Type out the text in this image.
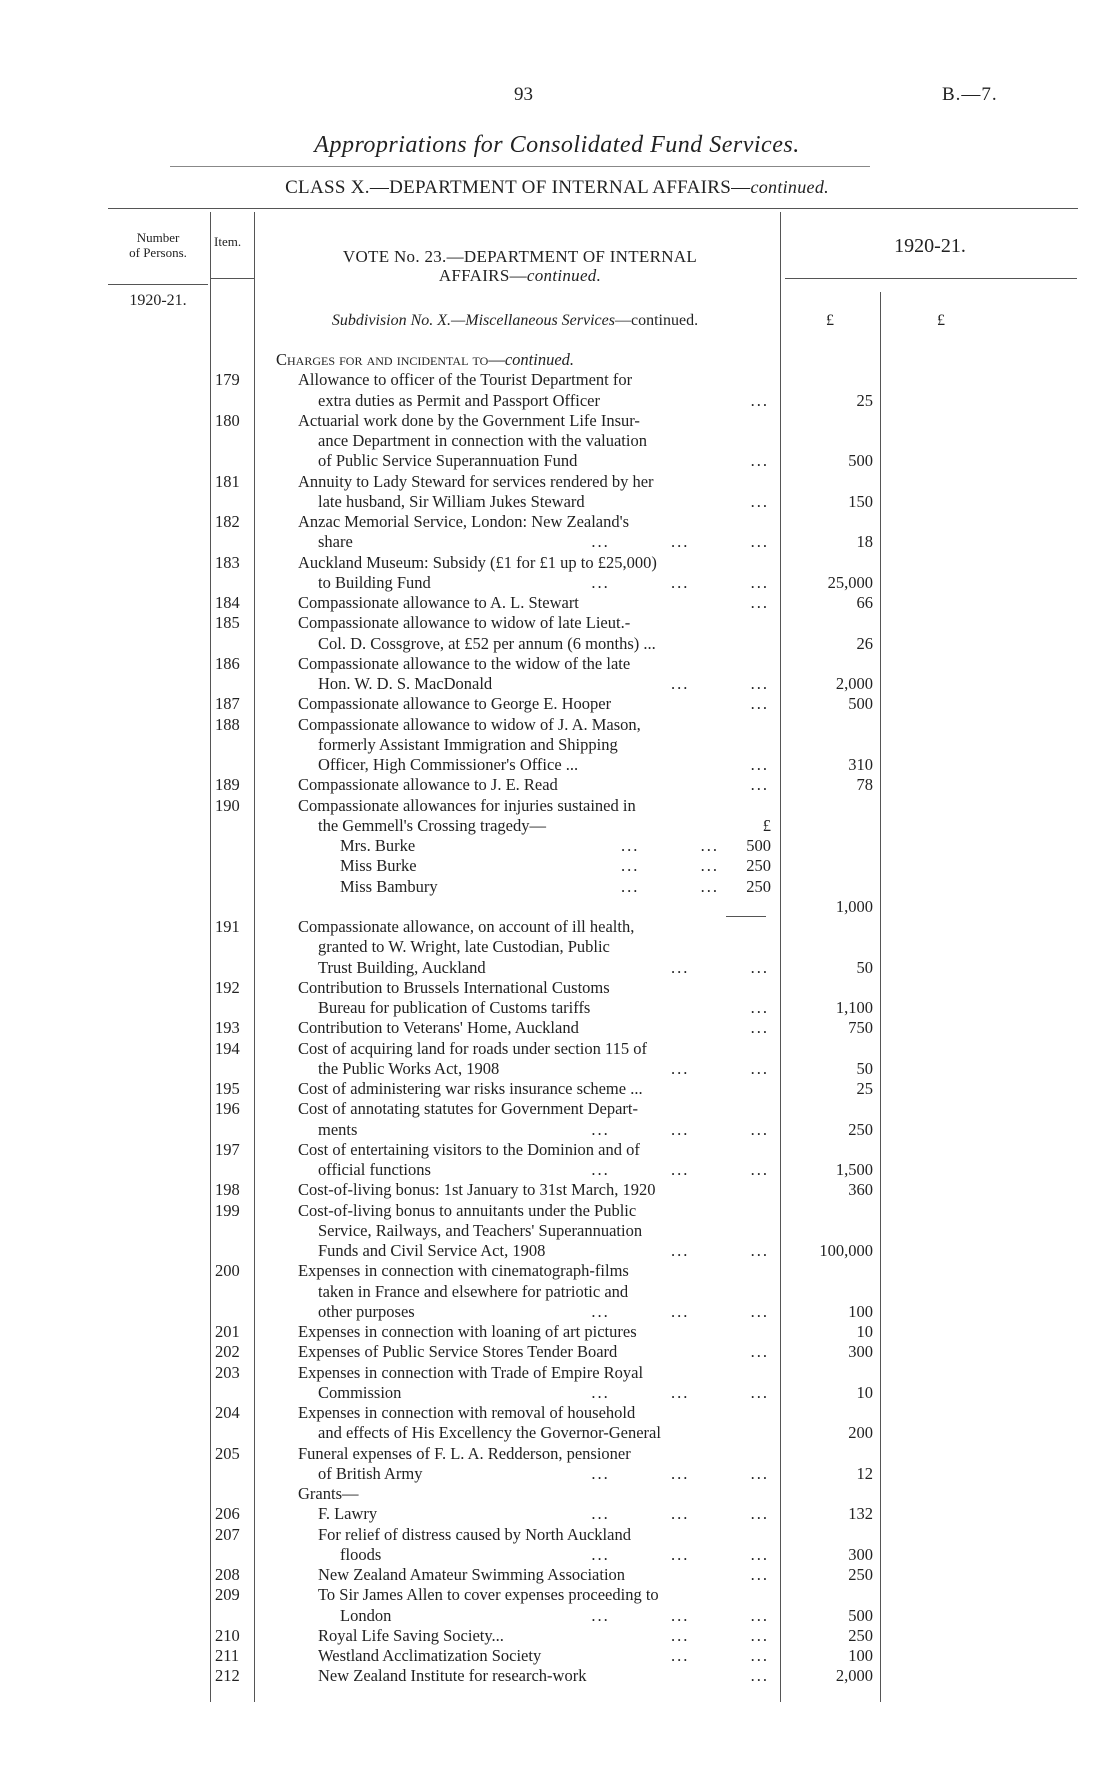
93	B.—7.
Appropriations for Consolidated Fund Services.
CLASS X.—DEPARTMENT OF INTERNAL AFFAIRS—continued.
Number
of Persons.
Item.
VOTE No. 23.—DEPARTMENT OF INTERNAL
AFFAIRS—continued.
1920-21.
1920-21.
Subdivision No. X.—Miscellaneous Services—continued.	£	£
Charges for and incidental to—continued.
179	Allowance to officer of the Tourist Department for
extra duties as Permit and Passport Officer	...	25
180	Actuarial work done by the Government Life Insur-
ance Department in connection with the valuation
of Public Service Superannuation Fund	...	500
181	Annuity to Lady Steward for services rendered by her
late husband, Sir William Jukes Steward	...	150
182	Anzac Memorial Service, London: New Zealand's
share	...          ...          ...	18
183	Auckland Museum: Subsidy (£1 for £1 up to £25,000)
to Building Fund	...          ...          ...	25,000
184	Compassionate allowance to A. L. Stewart	...	66
185	Compassionate allowance to widow of late Lieut.-
Col. D. Cossgrove, at £52 per annum (6 months) ...	26
186	Compassionate allowance to the widow of the late
Hon. W. D. S. MacDonald	...          ...	2,000
187	Compassionate allowance to George E. Hooper	...	500
188	Compassionate allowance to widow of J. A. Mason,
formerly Assistant Immigration and Shipping
Officer, High Commissioner's Office ...	...	310
189	Compassionate allowance to J. E. Read	...	78
190	Compassionate allowances for injuries sustained in
the Gemmell's Crossing tragedy—	£
Mrs. Burke	...          ... 500
Miss Burke	...          ... 250
Miss Bambury	...          ... 250
1,000
191	Compassionate allowance, on account of ill health,
granted to W. Wright, late Custodian, Public
Trust Building, Auckland	...          ...	50
192	Contribution to Brussels International Customs
Bureau for publication of Customs tariffs	...	1,100
193	Contribution to Veterans' Home, Auckland	...	750
194	Cost of acquiring land for roads under section 115 of
the Public Works Act, 1908	...          ...	50
195	Cost of administering war risks insurance scheme ...	25
196	Cost of annotating statutes for Government Depart-
ments	...          ...          ...	250
197	Cost of entertaining visitors to the Dominion and of
official functions	...          ...          ...	1,500
198	Cost-of-living bonus: 1st January to 31st March, 1920	360
199	Cost-of-living bonus to annuitants under the Public
Service, Railways, and Teachers' Superannuation
Funds and Civil Service Act, 1908	...          ...	100,000
200	Expenses in connection with cinematograph-films
taken in France and elsewhere for patriotic and
other purposes	...          ...          ...	100
201	Expenses in connection with loaning of art pictures	10
202	Expenses of Public Service Stores Tender Board	...	300
203	Expenses in connection with Trade of Empire Royal
Commission	...          ...          ...	10
204	Expenses in connection with removal of household
and effects of His Excellency the Governor-General	200
205	Funeral expenses of F. L. A. Redderson, pensioner
of British Army	...          ...          ...	12
Grants—
206	F. Lawry	...          ...          ...	132
207	For relief of distress caused by North Auckland
floods	...          ...          ...	300
208	New Zealand Amateur Swimming Association	...	250
209	To Sir James Allen to cover expenses proceeding to
London	...          ...          ...	500
210	Royal Life Saving Society...	...          ...	250
211	Westland Acclimatization Society	...          ...	100
212	New Zealand Institute for research-work	...	2,000
